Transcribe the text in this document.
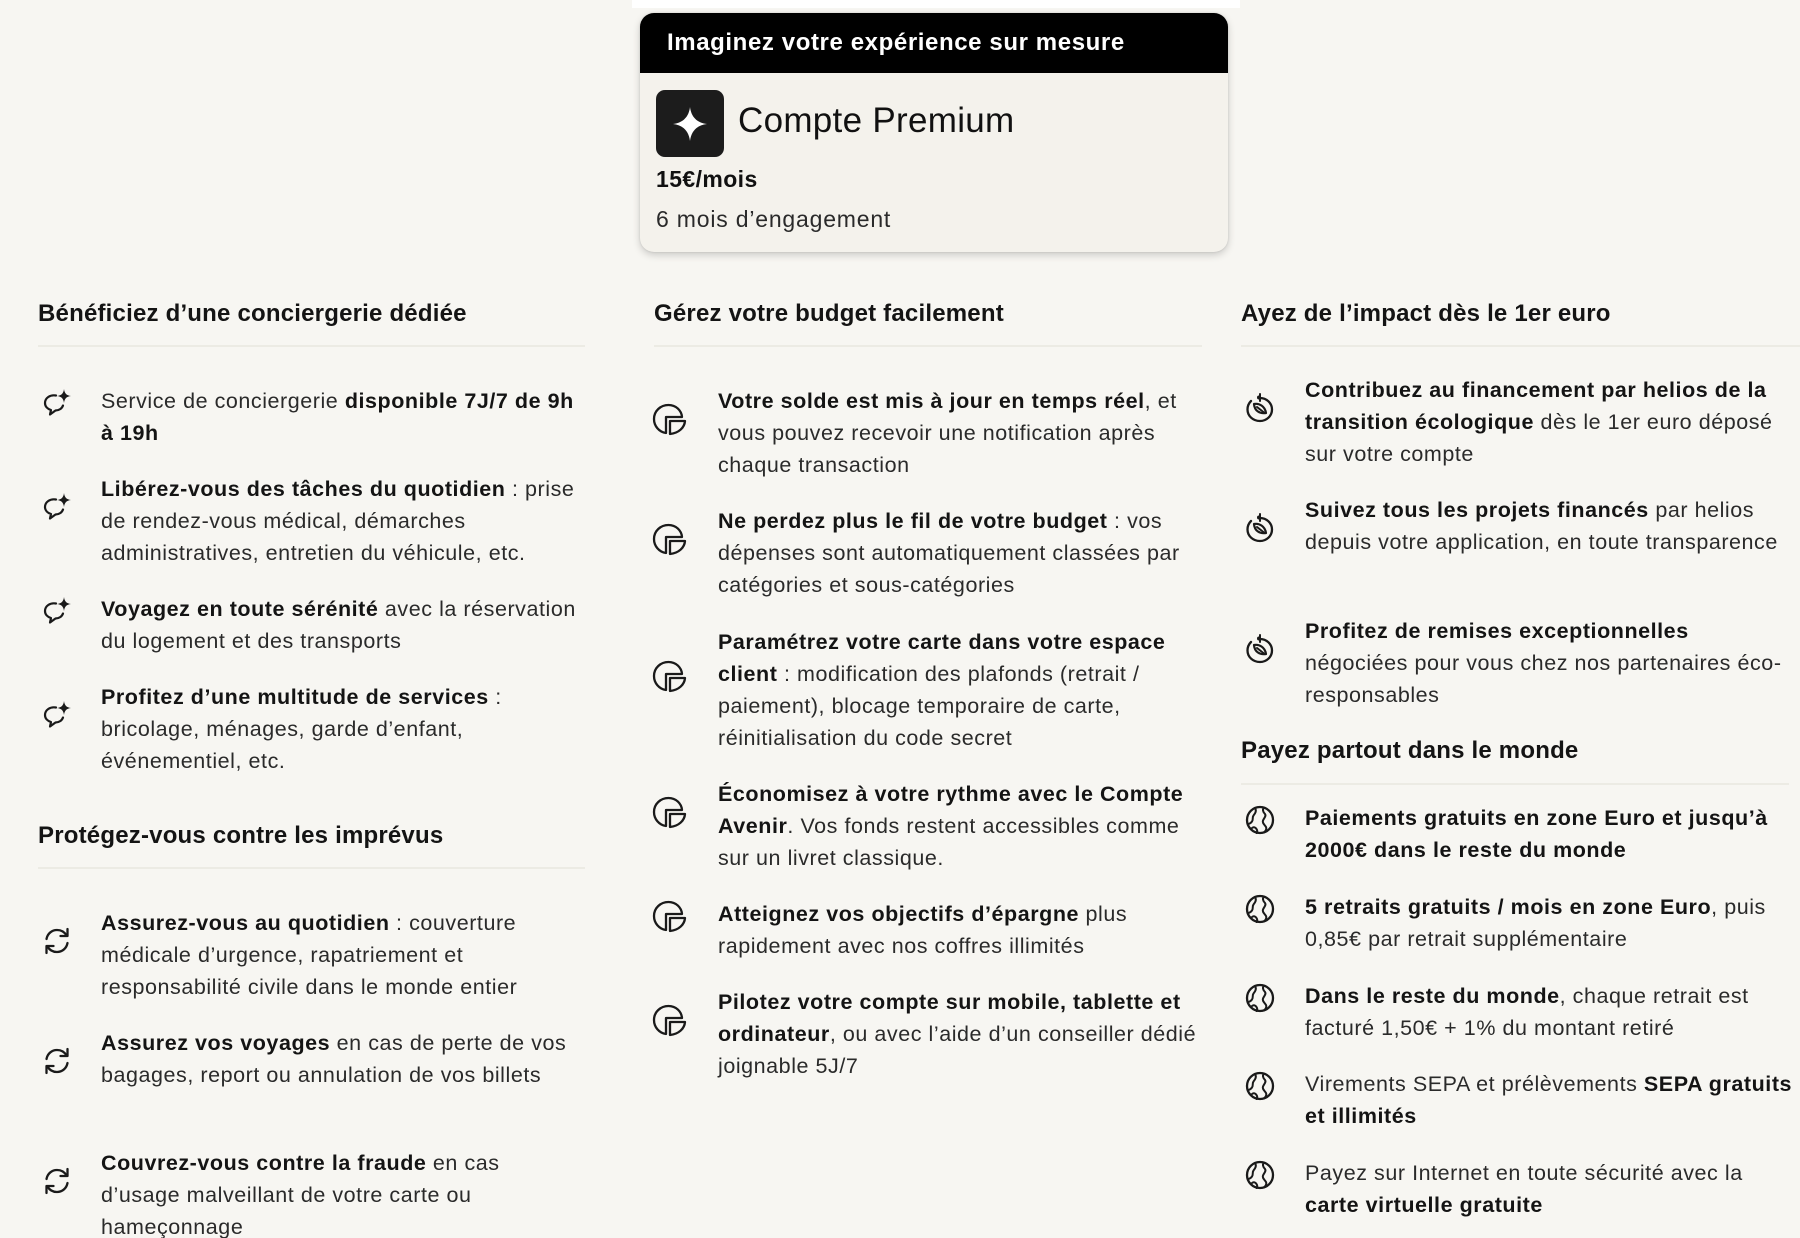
Imaginez votre expérience sur mesure
Compte Premium
15€/mois
6 mois d’engagement
Bénéficiez d’une conciergerie dédiée
Protégez-vous contre les imprévus
Gérez votre budget facilement	Ayez de l’impact dès le 1er euro
Payez partout dans le monde
Service de conciergerie disponible 7J/7 de 9h à 19h
Libérez-vous des tâches du quotidien : prise de rendez-vous médical, démarches administratives, entretien du véhicule, etc.
Voyagez en toute sérénité avec la réservation du logement et des transports
Profitez d’une multitude de services : bricolage, ménages, garde d’enfant, événementiel, etc.
Assurez-vous au quotidien : couverture médicale d’urgence, rapatriement et responsabilité civile dans le monde entier
Assurez vos voyages en cas de perte de vos bagages, report ou annulation de vos billets
Couvrez-vous contre la fraude en cas d’usage malveillant de votre carte ou hameçonnage
Votre solde est mis à jour en temps réel, et vous pouvez recevoir une notification après chaque transaction
Ne perdez plus le fil de votre budget : vos dépenses sont automatiquement classées par catégories et sous-catégories
Paramétrez votre carte dans votre espace client : modification des plafonds (retrait / paiement), blocage temporaire de carte, réinitialisation du code secret
Économisez à votre rythme avec le Compte Avenir. Vos fonds restent accessibles comme sur un livret classique.
Atteignez vos objectifs d’épargne plus rapidement avec nos coffres illimités
Pilotez votre compte sur mobile, tablette et ordinateur, ou avec l’aide d’un conseiller dédié joignable 5J/7
Contribuez au financement par helios de la transition écologique dès le 1er euro déposé sur votre compte
Suivez tous les projets financés par helios depuis votre application, en toute transparence
Profitez de remises exceptionnelles négociées pour vous chez nos partenaires éco-responsables
Paiements gratuits en zone Euro et jusqu’à 2000€ dans le reste du monde
5 retraits gratuits / mois en zone Euro, puis 0,85€ par retrait supplémentaire
Dans le reste du monde, chaque retrait est facturé 1,50€ + 1% du montant retiré
Virements SEPA et prélèvements SEPA gratuits et illimités
Payez sur Internet en toute sécurité avec la carte virtuelle gratuite
